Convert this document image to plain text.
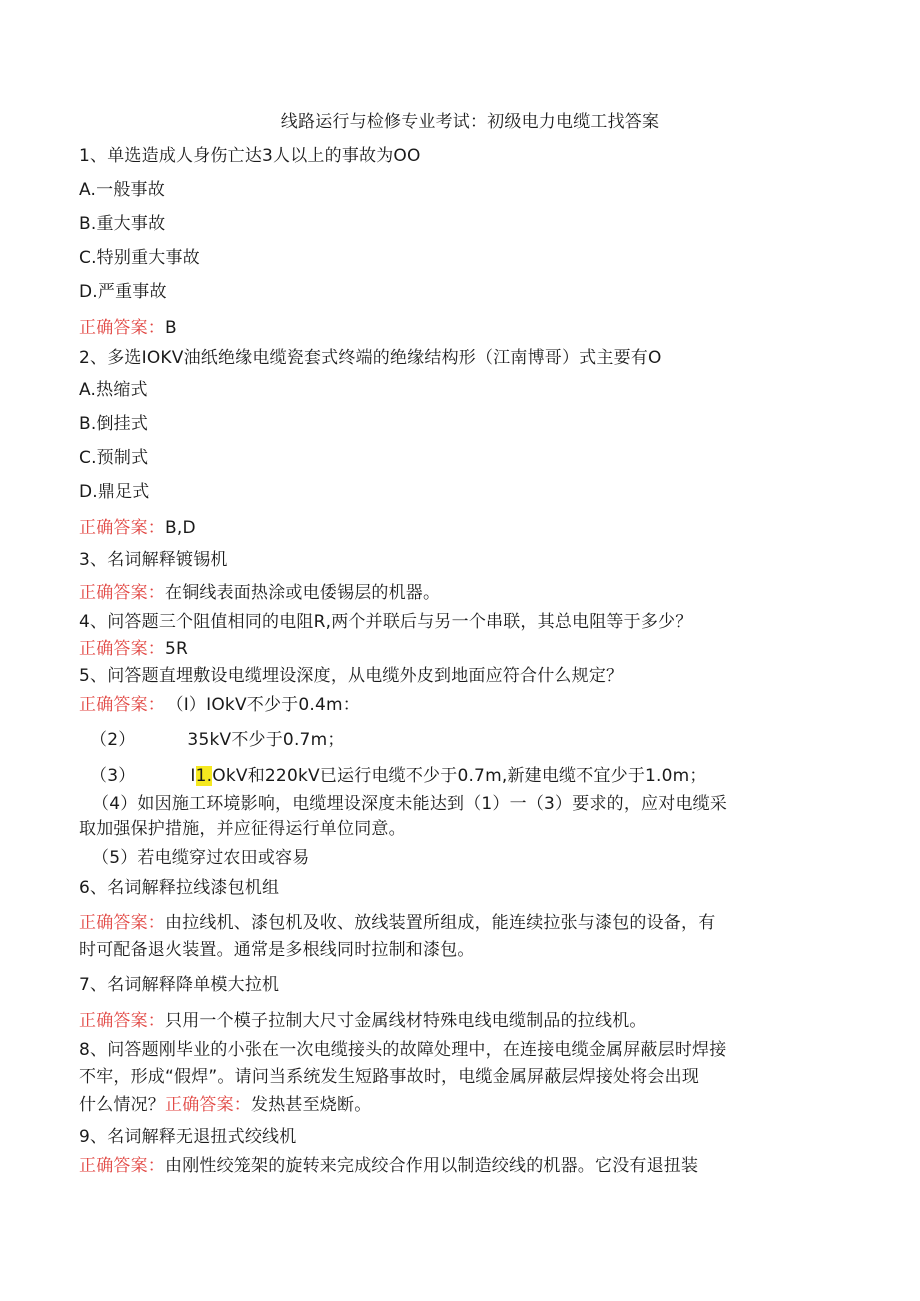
线路运行与检修专业考试：初级电力电缆工找答案
1、单选造成人身伤亡达3人以上的事故为OO
A.一般事故
B.重大事故
C.特别重大事故
D.严重事故
正确答案：B
2、多选IOKV油纸绝缘电缆瓷套式终端的绝缘结构形（江南博哥）式主要有O
A.热缩式
B.倒挂式
C.预制式
D.鼎足式
正确答案：B,D
3、名词解释镀锡机
正确答案：在铜线表面热涂或电倭锡层的机器。
4、问答题三个阻值相同的电阻R,两个并联后与另一个串联，其总电阻等于多少？
正确答案：5R
5、问答题直埋敷设电缆埋设深度，从电缆外皮到地面应符合什么规定？
正确答案： （I）IOkV不少于0.4m：
（2）	35kV不少于0.7m；
（3）	I1.OkV和220kV已运行电缆不少于0.7m,新建电缆不宜少于1.0m；
（4）如因施工环境影响，电缆埋设深度未能达到（1）一（3）要求的，应对电缆采
取加强保护措施，并应征得运行单位同意。
（5）若电缆穿过农田或容易
6、名词解释拉线漆包机组
正确答案：由拉线机、漆包机及收、放线装置所组成，能连续拉张与漆包的设备，有
时可配备退火装置。通常是多根线同时拉制和漆包。
7、名词解释降单模大拉机
正确答案：只用一个模子拉制大尺寸金属线材特殊电线电缆制品的拉线机。
8、问答题刚毕业的小张在一次电缆接头的故障处理中，在连接电缆金属屏蔽层时焊接
不牢，形成“假焊”。请问当系统发生短路事故时，电缆金属屏蔽层焊接处将会出现
什么情况？正确答案：发热甚至烧断。
9、名词解释无退扭式绞线机
正确答案：由刚性绞笼架的旋转来完成绞合作用以制造绞线的机器。它没有退扭装
